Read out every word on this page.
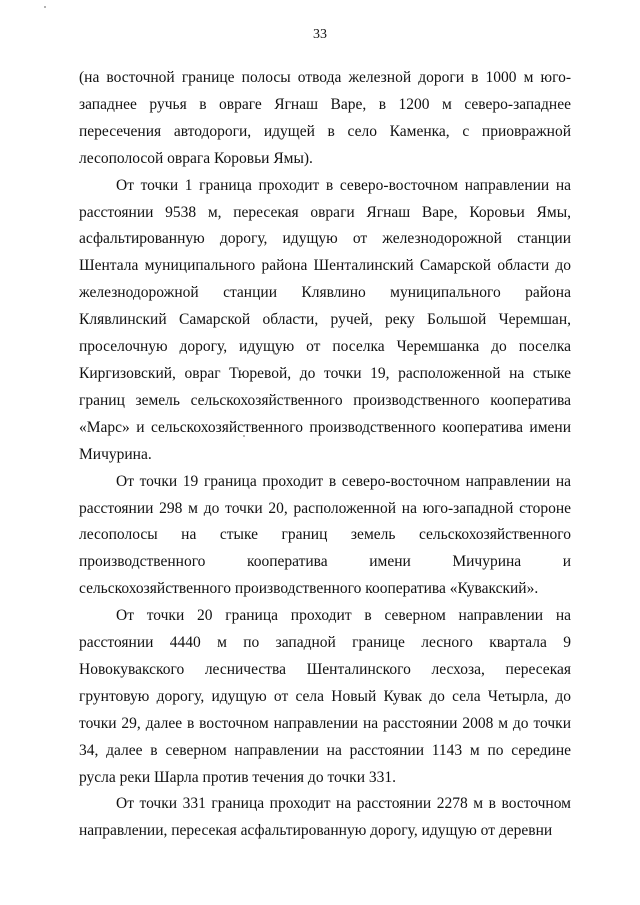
33

(на восточной границе полосы отвода железной дороги в 1000 м юго-западнее ручья в овраге Ягнаш Варе, в 1200 м северо-западнее пересечения автодороги, идущей в село Каменка, с приовражной лесополосой оврага Коровьи Ямы).

От точки 1 граница проходит в северо-восточном направлении на расстоянии 9538 м, пересекая овраги Ягнаш Варе, Коровьи Ямы, асфальтированную дорогу, идущую от железнодорожной станции Шентала муниципального района Шенталинский Самарской области до железнодорожной станции Клявлино муниципального района Клявлинский Самарской области, ручей, реку Большой Черемшан, проселочную дорогу, идущую от поселка Черемшанка до поселка Киргизовский, овраг Тюревой, до точки 19, расположенной на стыке границ земель сельскохозяйственного производственного кооператива «Марс» и сельскохозяйственного производственного кооператива имени Мичурина.

От точки 19 граница проходит в северо-восточном направлении на расстоянии 298 м до точки 20, расположенной на юго-западной стороне лесополосы на стыке границ земель сельскохозяйственного производственного кооператива имени Мичурина и сельскохозяйственного производственного кооператива «Кувакский».

От точки 20 граница проходит в северном направлении на расстоянии 4440 м по западной границе лесного квартала 9 Новокувакского лесничества Шенталинского лесхоза, пересекая грунтовую дорогу, идущую от села Новый Кувак до села Четырла, до точки 29, далее в восточном направлении на расстоянии 2008 м до точки 34, далее в северном направлении на расстоянии 1143 м по середине русла реки Шарла против течения до точки 331.

От точки 331 граница проходит на расстоянии 2278 м в восточном направлении, пересекая асфальтированную дорогу, идущую от деревни
